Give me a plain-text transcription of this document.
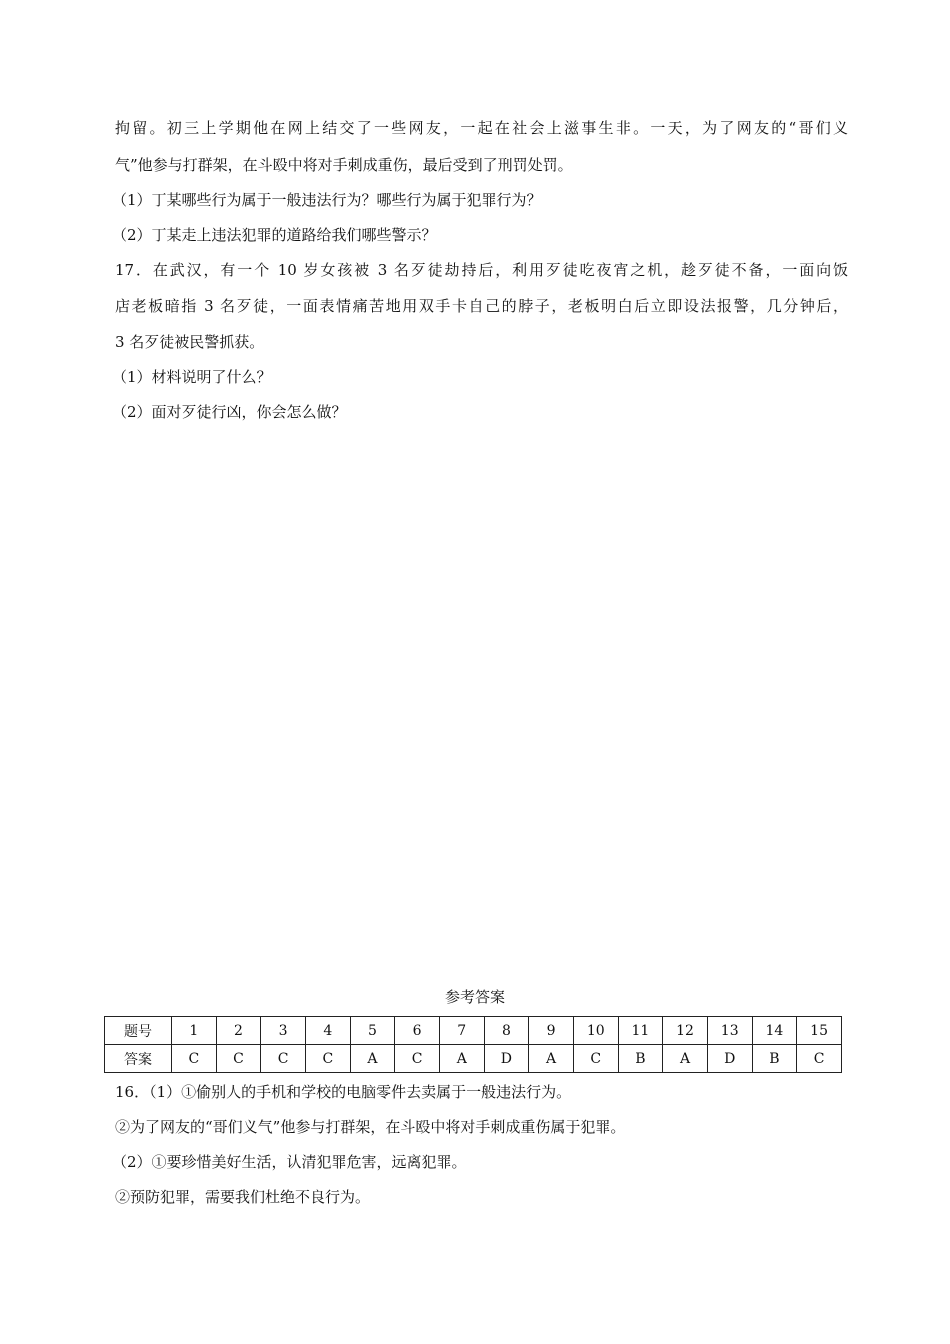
拘留。初三上学期他在网上结交了一些网友，一起在社会上滋事生非。一天，为了网友的“哥们义
气”他参与打群架，在斗殴中将对手刺成重伤，最后受到了刑罚处罚。
（1）丁某哪些行为属于一般违法行为？哪些行为属于犯罪行为？
（2）丁某走上违法犯罪的道路给我们哪些警示？
17．在武汉，有一个 10 岁女孩被 3 名歹徒劫持后，利用歹徒吃夜宵之机，趁歹徒不备，一面向饭
店老板暗指 3 名歹徒，一面表情痛苦地用双手卡自己的脖子，老板明白后立即设法报警，几分钟后，
3 名歹徒被民警抓获。
（1）材料说明了什么？
（2）面对歹徒行凶，你会怎么做？
参考答案
题号	1	2	3	4	5	6	7	8	9	10	11	12	13	14	15
答案	C	C	C	C	A	C	A	D	A	C	B	A	D	B	C
16．（1）①偷别人的手机和学校的电脑零件去卖属于一般违法行为。
②为了网友的“哥们义气”他参与打群架，在斗殴中将对手刺成重伤属于犯罪。
（2）①要珍惜美好生活，认清犯罪危害，远离犯罪。
②预防犯罪，需要我们杜绝不良行为。
